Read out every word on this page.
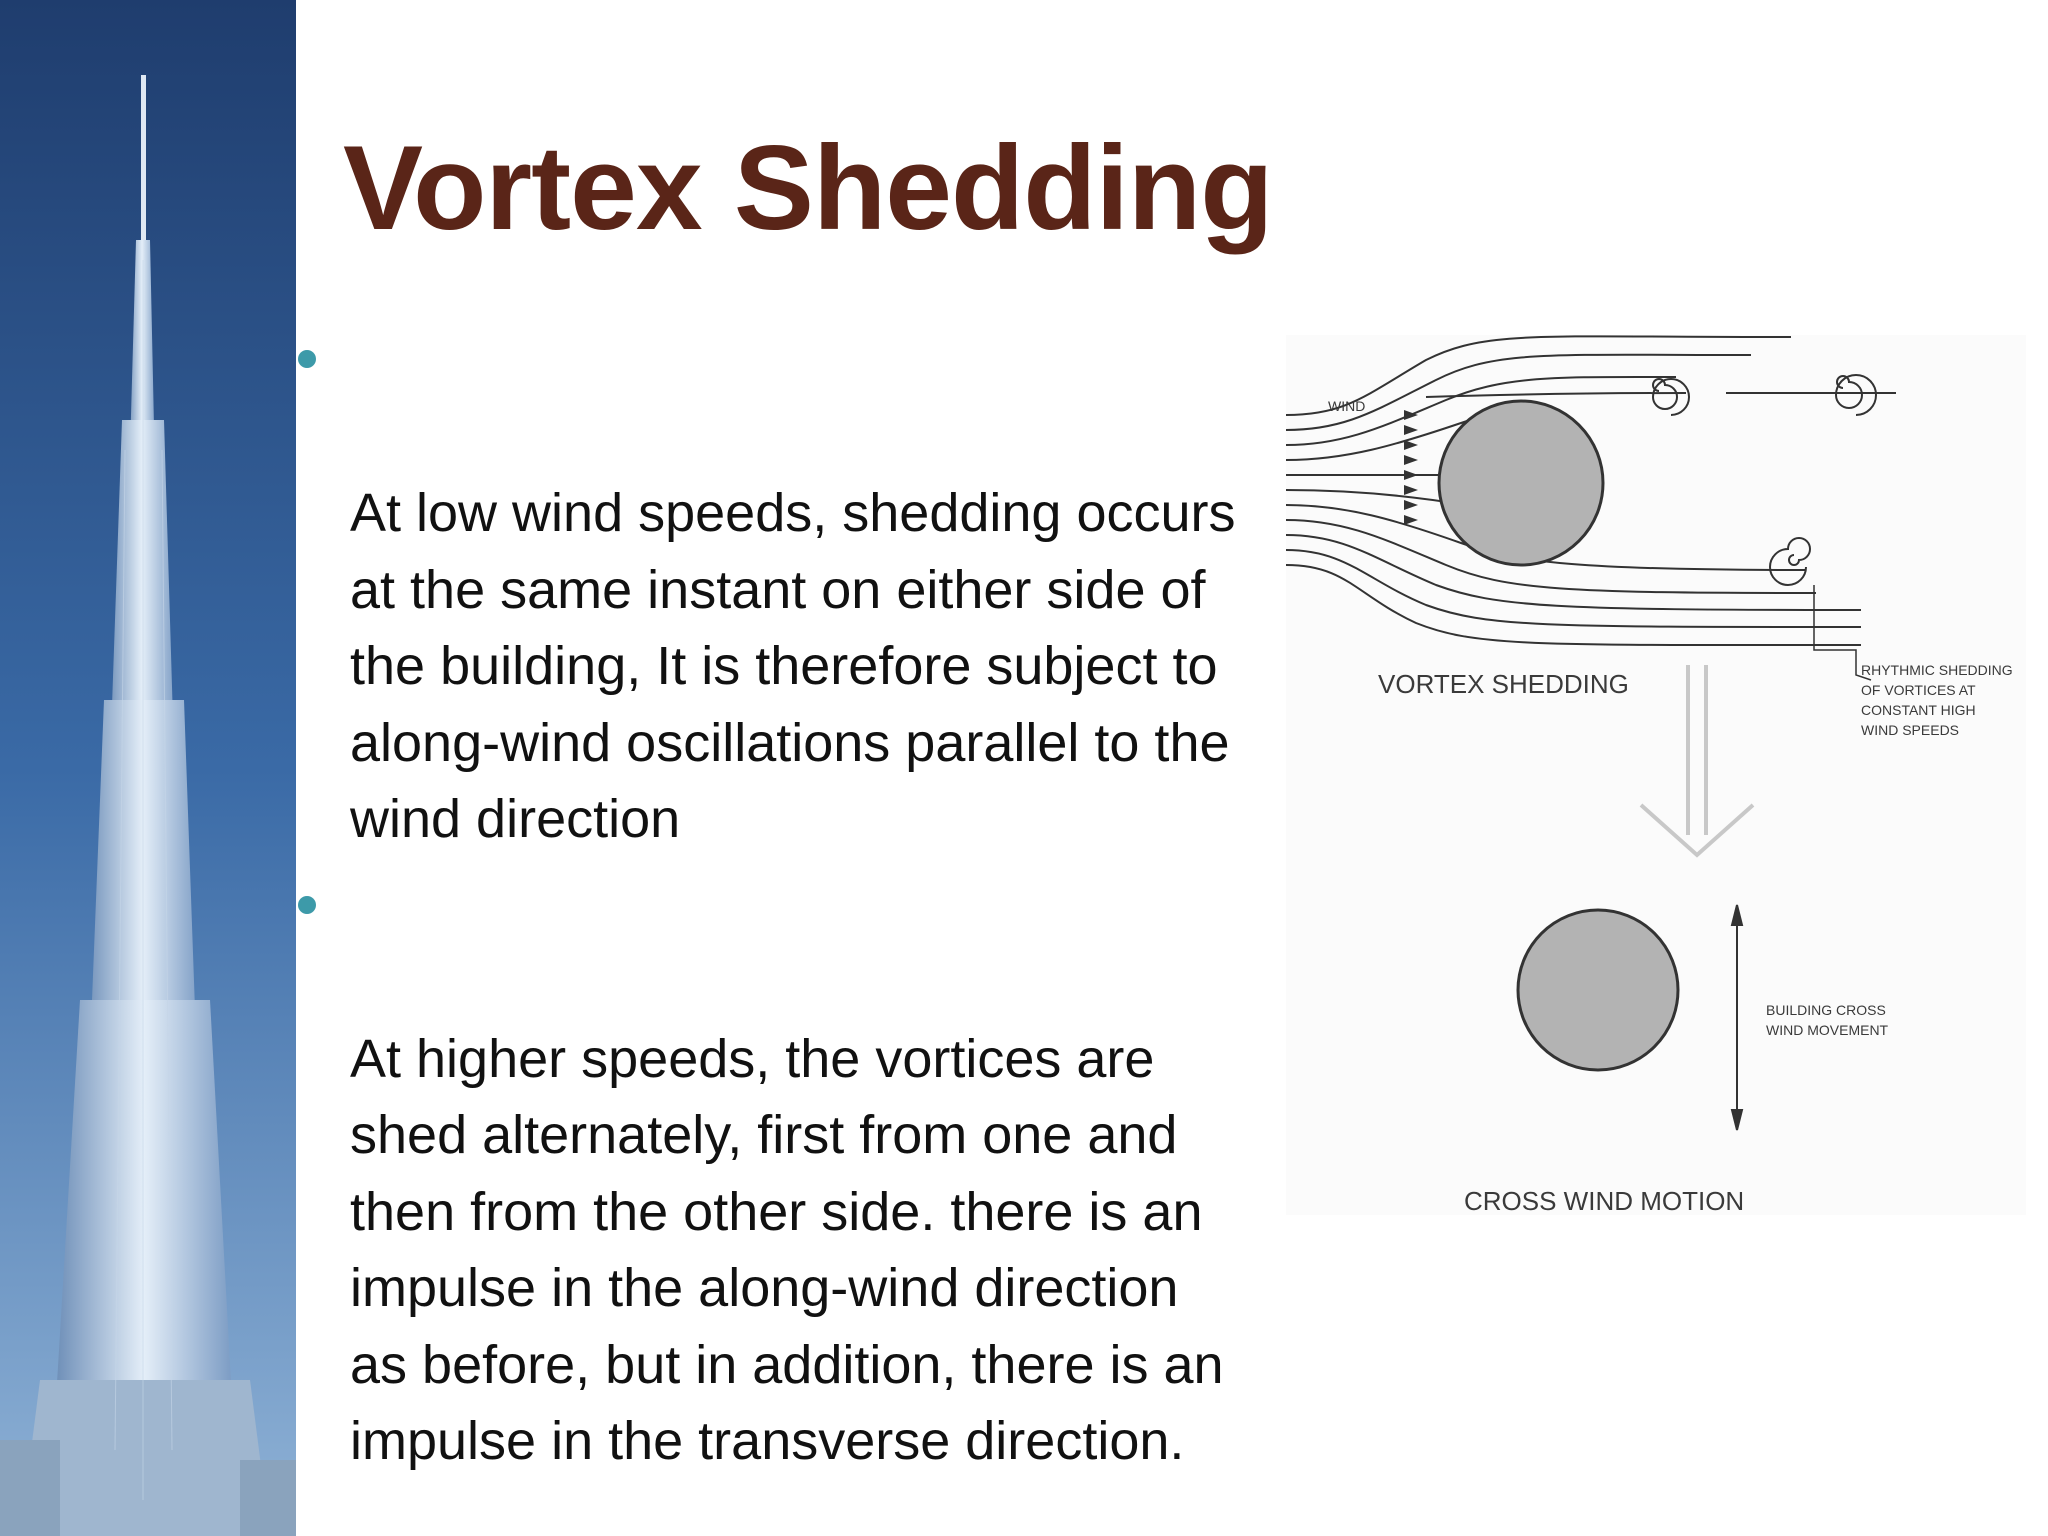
Vortex Shedding

At low wind speeds, shedding occurs
at the same instant on either side of
the building, It is therefore subject to
along-wind oscillations parallel to the
wind direction

At higher speeds, the vortices are
shed alternately, first from one and
then from the other side. there is an
impulse in the along-wind direction
as before, but in addition, there is an
impulse in the transverse direction.

WIND
VORTEX SHEDDING	RHYTHMIC SHEDDING
OF VORTICES AT
CONSTANT HIGH
WIND SPEEDS
BUILDING CROSS
WIND MOVEMENT
CROSS WIND MOTION
